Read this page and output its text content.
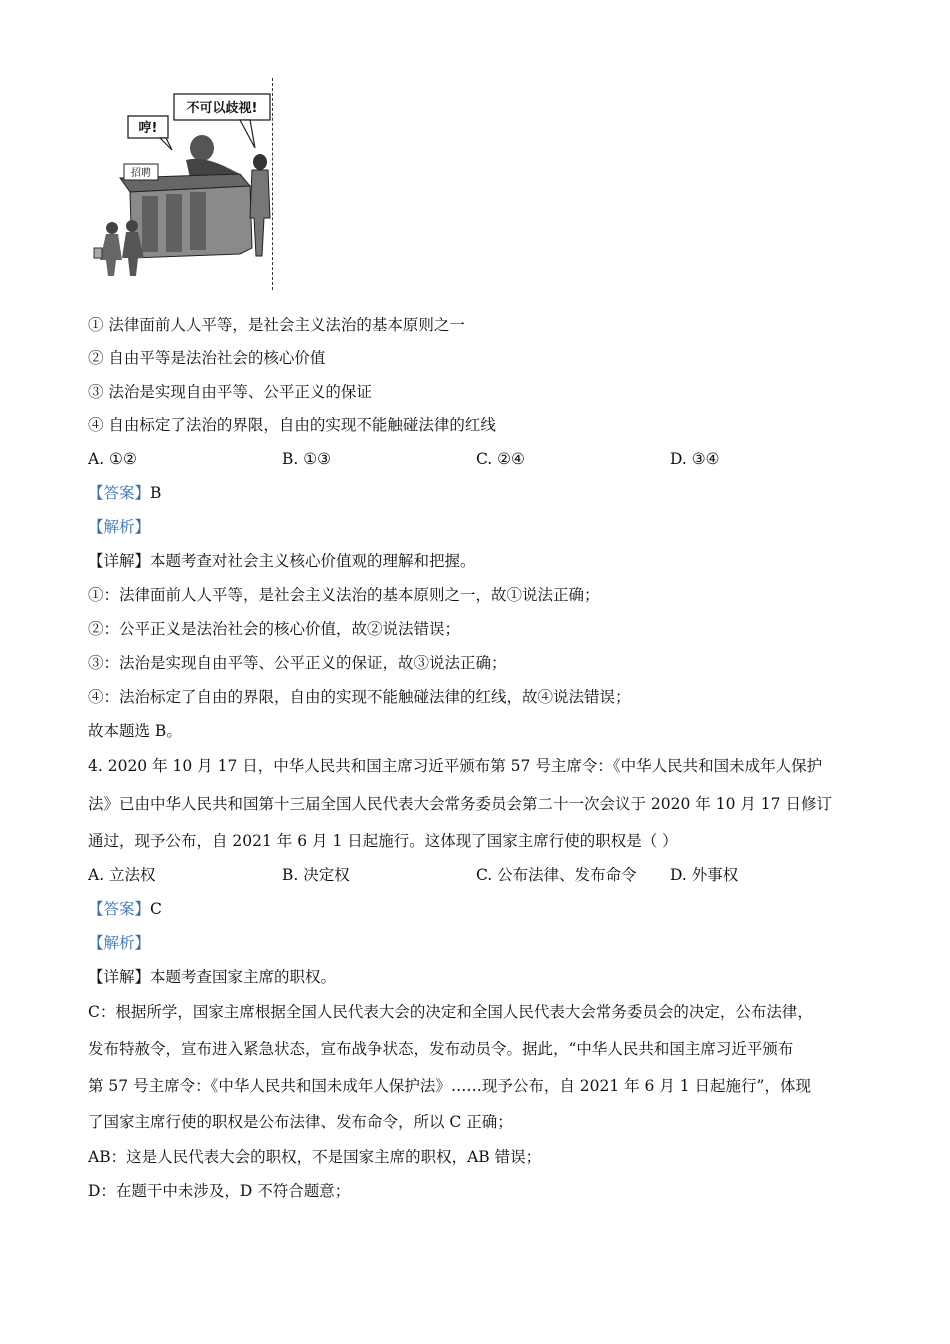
不可以歧视!
哼!
招聘
① 法律面前人人平等，是社会主义法治的基本原则之一
② 自由平等是法治社会的核心价值
③ 法治是实现自由平等、公平正义的保证
④ 自由标定了法治的界限，自由的实现不能触碰法律的红线
A. ①②	B. ①③	C. ②④	D. ③④
【答案】B
【解析】
【详解】本题考查对社会主义核心价值观的理解和把握。
①：法律面前人人平等，是社会主义法治的基本原则之一，故①说法正确；
②：公平正义是法治社会的核心价值，故②说法错误；
③：法治是实现自由平等、公平正义的保证，故③说法正确；
④：法治标定了自由的界限，自由的实现不能触碰法律的红线，故④说法错误；
故本题选 B。
4. 2020 年 10 月 17 日，中华人民共和国主席习近平颁布第 57 号主席令：《中华人民共和国未成年人保护
法》已由中华人民共和国第十三届全国人民代表大会常务委员会第二十一次会议于 2020 年 10 月 17 日修订
通过，现予公布，自 2021 年 6 月 1 日起施行。这体现了国家主席行使的职权是（ ）
A. 立法权	B. 决定权	C. 公布法律、发布命令 D. 外事权
【答案】C
【解析】
【详解】本题考查国家主席的职权。
C：根据所学，国家主席根据全国人民代表大会的决定和全国人民代表大会常务委员会的决定，公布法律，
发布特赦令，宣布进入紧急状态，宣布战争状态，发布动员令。据此，“中华人民共和国主席习近平颁布
第 57 号主席令：《中华人民共和国未成年人保护法》……现予公布，自 2021 年 6 月 1 日起施行”，体现
了国家主席行使的职权是公布法律、发布命令，所以 C 正确；
AB：这是人民代表大会的职权，不是国家主席的职权，AB 错误；
D：在题干中未涉及，D 不符合题意；
